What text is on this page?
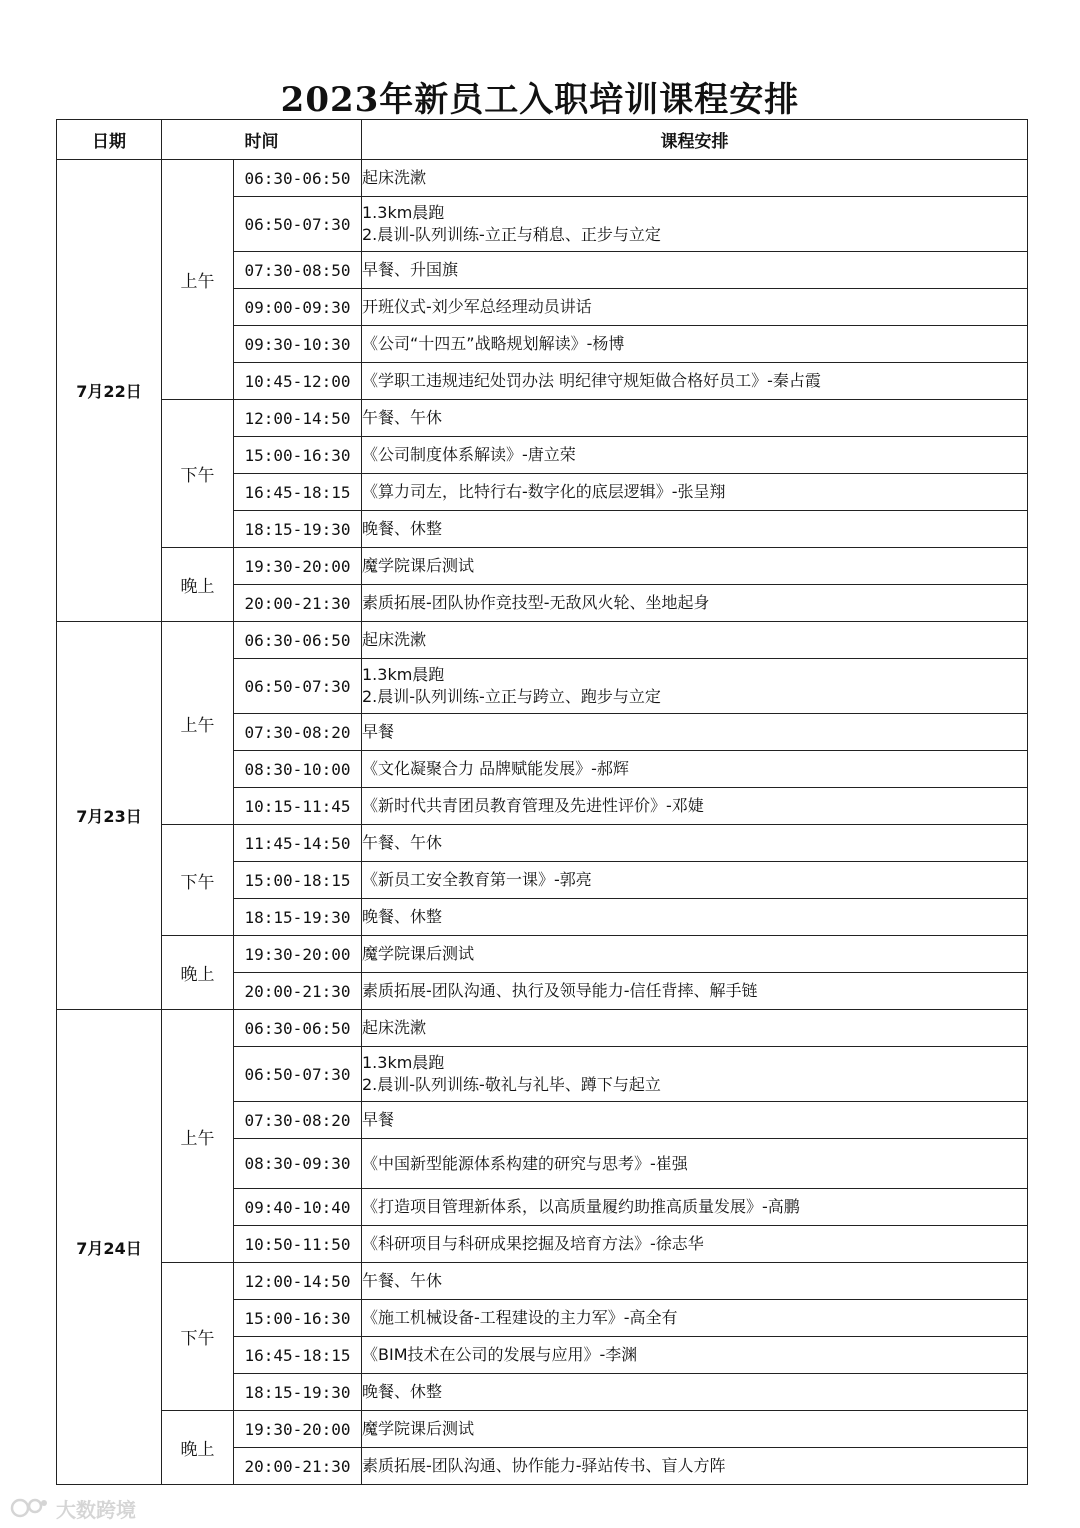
2023年新员工入职培训课程安排
日期	时间		课程安排
7月22日	上午	06:30-06:50	起床洗漱

		06:50-07:30	1.3km晨跑
2.晨训-队列训练-立正与稍息、正步与立定

		07:30-08:50	早餐、升国旗

		09:00-09:30	开班仪式-刘少军总经理动员讲话

		09:30-10:30	《公司“十四五”战略规划解读》-杨博

		10:45-12:00	《学职工违规违纪处罚办法 明纪律守规矩做合格好员工》-秦占霞

	下午	12:00-14:50	午餐、午休

		15:00-16:30	《公司制度体系解读》-唐立荣

		16:45-18:15	《算力司左，比特行右-数字化的底层逻辑》-张呈翔

		18:15-19:30	晚餐、休整

	晚上	19:30-20:00	魔学院课后测试

		20:00-21:30	素质拓展-团队协作竞技型-无敌风火轮、坐地起身

7月23日	上午	06:30-06:50	起床洗漱

		06:50-07:30	1.3km晨跑
2.晨训-队列训练-立正与跨立、跑步与立定

		07:30-08:20	早餐

		08:30-10:00	《文化凝聚合力 品牌赋能发展》-郝辉

		10:15-11:45	《新时代共青团员教育管理及先进性评价》-邓婕

	下午	11:45-14:50	午餐、午休

		15:00-18:15	《新员工安全教育第一课》-郭亮

		18:15-19:30	晚餐、休整

	晚上	19:30-20:00	魔学院课后测试

		20:00-21:30	素质拓展-团队沟通、执行及领导能力-信任背摔、解手链

7月24日	上午	06:30-06:50	起床洗漱

		06:50-07:30	1.3km晨跑
2.晨训-队列训练-敬礼与礼毕、蹲下与起立

		07:30-08:20	早餐

		08:30-09:30	《中国新型能源体系构建的研究与思考》-崔强

		09:40-10:40	《打造项目管理新体系，以高质量履约助推高质量发展》-高鹏

		10:50-11:50	《科研项目与科研成果挖掘及培育方法》-徐志华

	下午	12:00-14:50	午餐、午休

		15:00-16:30	《施工机械设备-工程建设的主力军》-高全有

		16:45-18:15	《BIM技术在公司的发展与应用》-李渊

		18:15-19:30	晚餐、休整

	晚上	19:30-20:00	魔学院课后测试

		20:00-21:30	素质拓展-团队沟通、协作能力-驿站传书、盲人方阵
大数跨境
